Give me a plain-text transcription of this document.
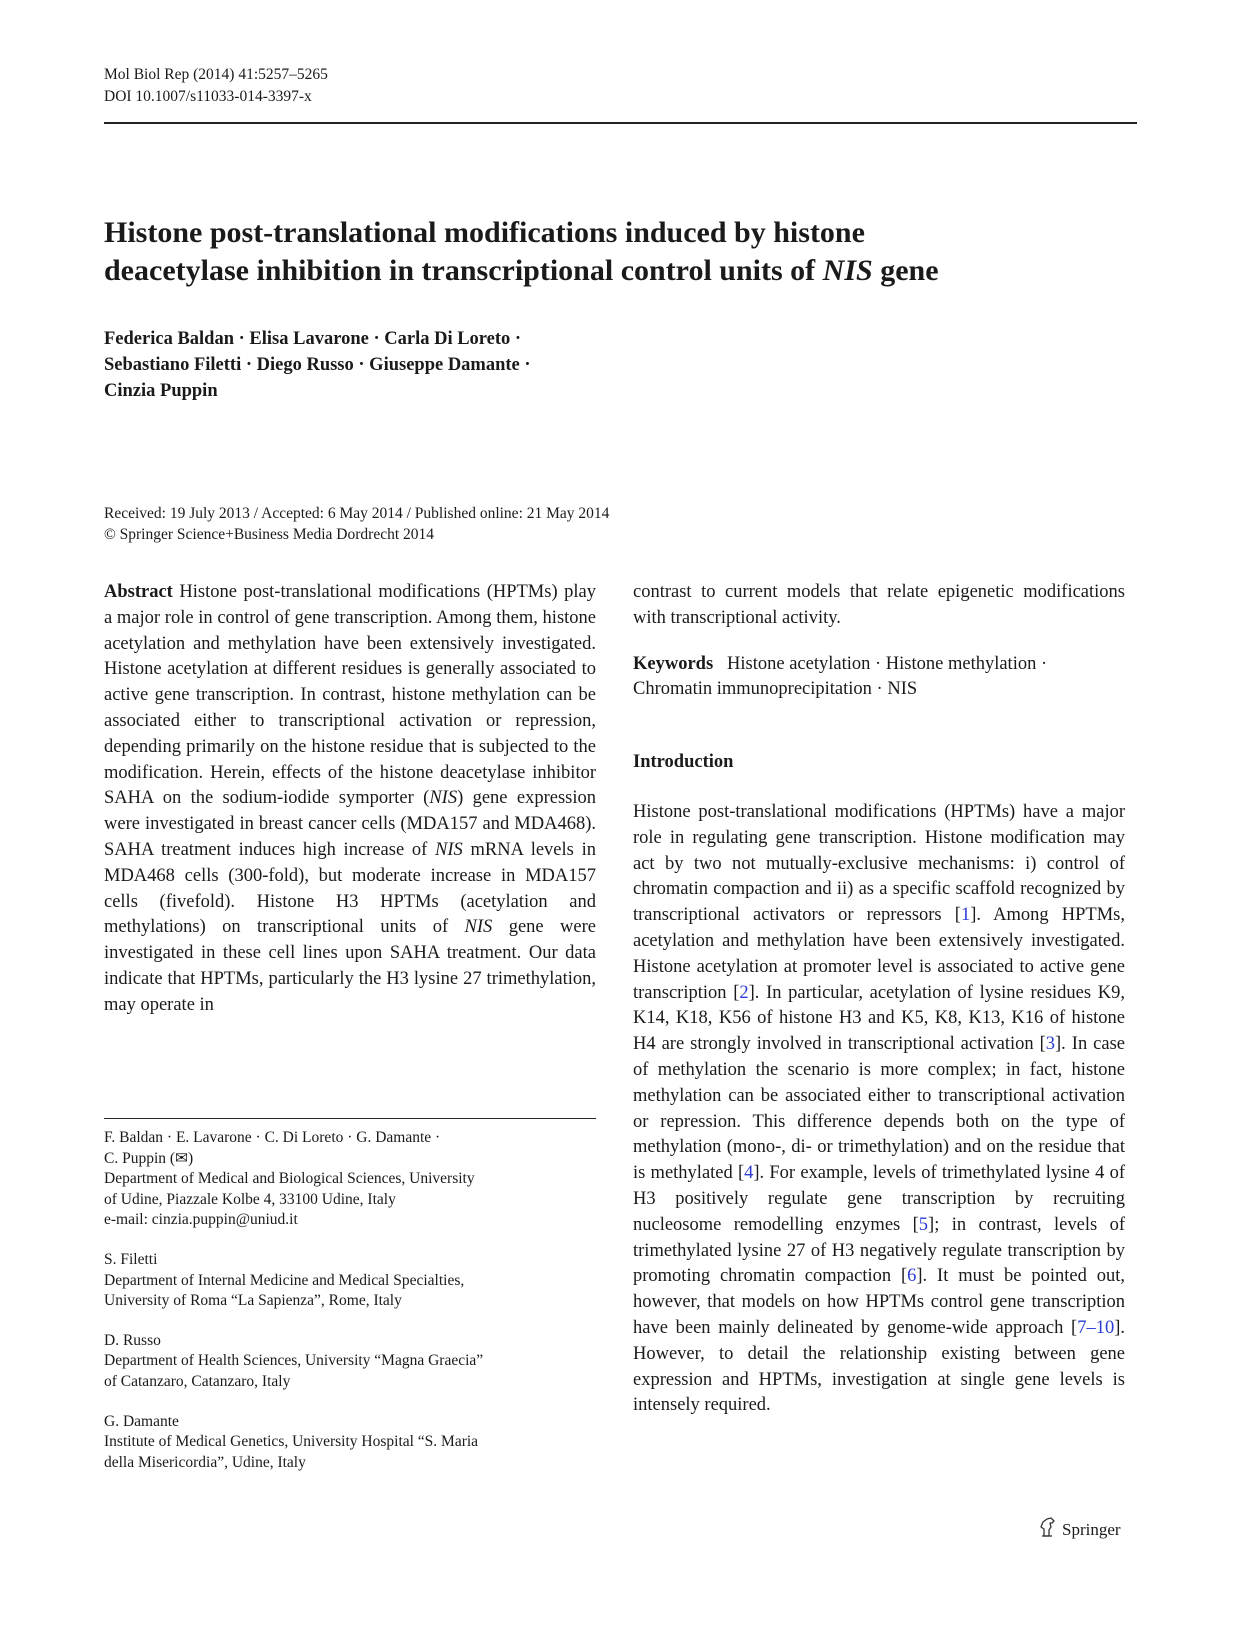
Mol Biol Rep (2014) 41:5257–5265
DOI 10.1007/s11033-014-3397-x
Histone post-translational modifications induced by histone
deacetylase inhibition in transcriptional control units of NIS gene
Federica Baldan · Elisa Lavarone · Carla Di Loreto ·
Sebastiano Filetti · Diego Russo · Giuseppe Damante ·
Cinzia Puppin
Received: 19 July 2013 / Accepted: 6 May 2014 / Published online: 21 May 2014
© Springer Science+Business Media Dordrecht 2014

Abstract Histone post-translational modifications (HPTMs) play a major role in control of gene transcription. Among them, histone acetylation and methylation have been extensively investigated. Histone acetylation at different residues is generally associated to active gene transcription. In contrast, histone methylation can be associated either to transcriptional activation or repression, depending primarily on the histone residue that is subjected to the modification. Herein, effects of the histone deacetylase inhibitor SAHA on the sodium-iodide symporter (NIS) gene expression were investigated in breast cancer cells (MDA157 and MDA468). SAHA treatment induces high increase of NIS mRNA levels in MDA468 cells (300-fold), but moderate increase in MDA157 cells (fivefold). Histone H3 HPTMs (acetylation and methylations) on transcriptional units of NIS gene were investigated in these cell lines upon SAHA treatment. Our data indicate that HPTMs, particularly the H3 lysine 27 trimethylation, may operate in

F. Baldan · E. Lavarone · C. Di Loreto · G. Damante ·
C. Puppin (✉)
Department of Medical and Biological Sciences, University
of Udine, Piazzale Kolbe 4, 33100 Udine, Italy
e-mail: cinzia.puppin@uniud.it
S. Filetti
Department of Internal Medicine and Medical Specialties,
University of Roma “La Sapienza”, Rome, Italy
D. Russo
Department of Health Sciences, University “Magna Graecia”
of Catanzaro, Catanzaro, Italy
G. Damante
Institute of Medical Genetics, University Hospital “S. Maria
della Misericordia”, Udine, Italy

contrast to current models that relate epigenetic modifications with transcriptional activity.

Keywords Histone acetylation · Histone methylation · Chromatin immunoprecipitation · NIS

Introduction

Histone post-translational modifications (HPTMs) have a major role in regulating gene transcription. Histone modification may act by two not mutually-exclusive mechanisms: i) control of chromatin compaction and ii) as a specific scaffold recognized by transcriptional activators or repressors [1]. Among HPTMs, acetylation and methylation have been extensively investigated. Histone acetylation at promoter level is associated to active gene transcription [2]. In particular, acetylation of lysine residues K9, K14, K18, K56 of histone H3 and K5, K8, K13, K16 of histone H4 are strongly involved in transcriptional activation [3]. In case of methylation the scenario is more complex; in fact, histone methylation can be associated either to transcriptional activation or repression. This difference depends both on the type of methylation (mono-, di- or trimethylation) and on the residue that is methylated [4]. For example, levels of trimethylated lysine 4 of H3 positively regulate gene transcription by recruiting nucleosome remodelling enzymes [5]; in contrast, levels of trimethylated lysine 27 of H3 negatively regulate transcription by promoting chromatin compaction [6]. It must be pointed out, however, that models on how HPTMs control gene transcription have been mainly delineated by genome-wide approach [7–10]. However, to detail the relationship existing between gene expression and HPTMs, investigation at single gene levels is intensely required.

Springer
